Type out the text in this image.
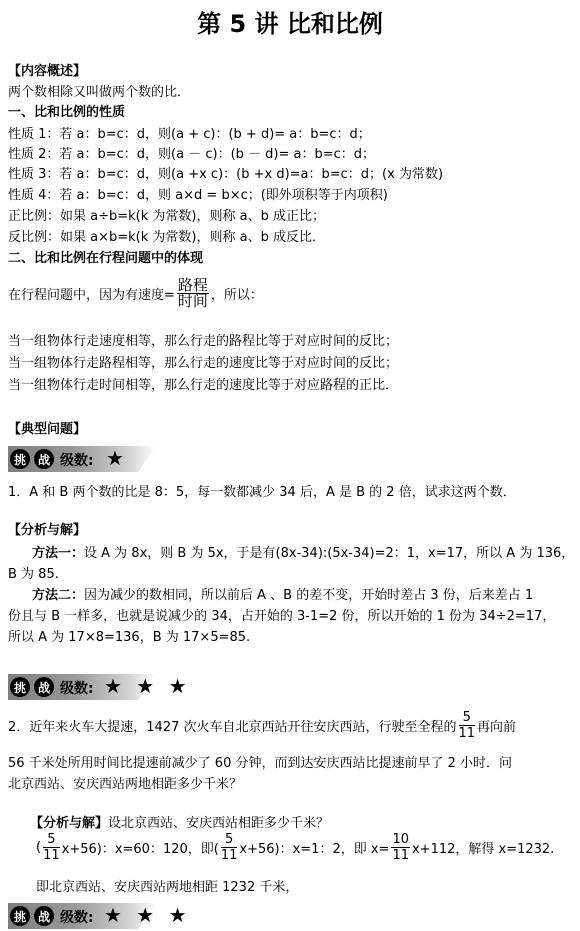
第 5 讲 比和比例
【内容概述】
两个数相除又叫做两个数的比．
一、比和比例的性质
性质 1：若 a：b=c：d，则(a + c)：(b + d)= a：b=c：d；
性质 2：若 a：b=c：d，则(a － c)：(b － d)= a：b=c：d；
性质 3：若 a：b=c：d，则(a +x c)：(b +x d)=a：b=c：d；(x 为常数)
性质 4：若 a：b=c：d，则 a×d = b×c；(即外项积等于内项积)
正比例：如果 a÷b=k(k 为常数)，则称 a、b 成正比；
反比例：如果 a×b=k(k 为常数)，则称 a、b 成反比．
二、比和比例在行程问题中的体现
在行程问题中，因为有速度= $\frac{\text{路程}}{\text{时间}}$ ，所以：
当一组物体行走速度相等，那么行走的路程比等于对应时间的反比；
当一组物体行走路程相等，那么行走的速度比等于对应时间的反比；
当一组物体行走时间相等，那么行走的速度比等于对应路程的正比．
【典型问题】
挑 战 级数: ★
1．A 和 B 两个数的比是 8：5，每一数都减少 34 后，A 是 B 的 2 倍，试求这两个数．
【分析与解】
方法一：设 A 为 8x，则 B 为 5x，于是有(8x-34):(5x-34)=2：1，x=17，所以 A 为 136，
B 为 85.
方法二：因为减少的数相同，所以前后 A 、B 的差不变，开始时差占 3 份，后来差占 1
份且与 B 一样多，也就是说减少的 34，占开始的 3-1=2 份，所以开始的 1 份为 34÷2=17，
所以 A 为 17×8=136，B 为 17×5=85.
挑 战 级数: ★ ★ ★
2．近年来火车大提速，1427 次火车自北京西站开往安庆西站，行驶至全程的 $\frac{5}{11}$ 再向前
56 千米处所用时间比提速前减少了 60 分钟，而到达安庆西站比提速前早了 2 小时．问
北京西站、安庆西站两地相距多少千米？
【分析与解】设北京西站、安庆西站相距多少千米？
( $\frac{5}{11} x+56$)：x=60：120，即( $\frac{5}{11} x+56$)：x=1：2，即 $x= \frac{10}{11} x+112$，解得 x=1232.
即北京西站、安庆西站两地相距 1232 千米，
挑 战 级数: ★ ★ ★
